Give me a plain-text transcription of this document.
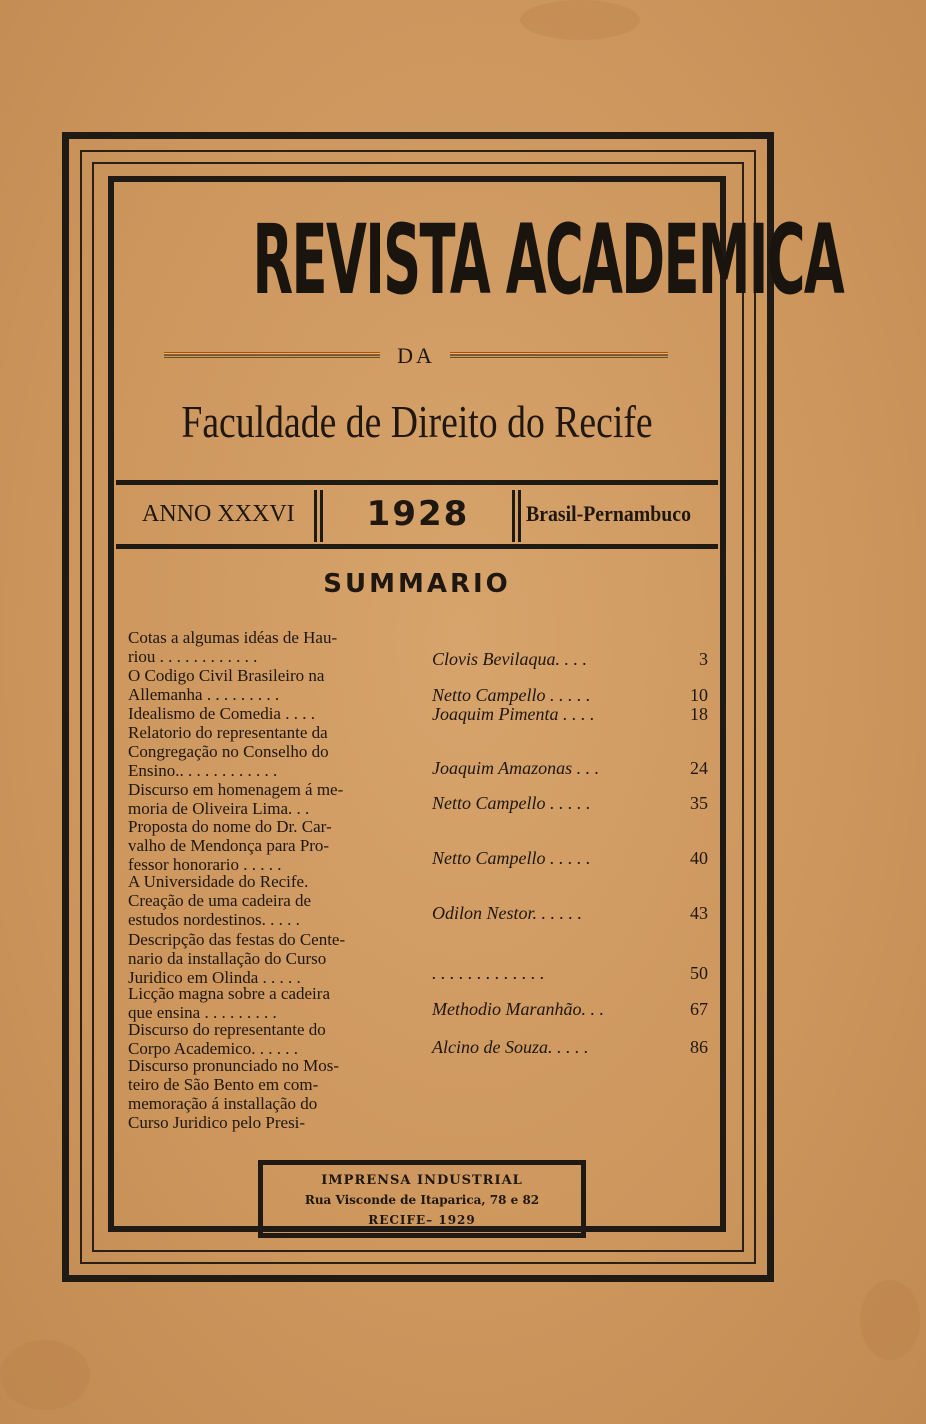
REVISTA ACADEMICA
DA
Faculdade de Direito do Recife
ANNO XXXVI	1928	Brasil-Pernambuco
SUMMARIO
Cotas a algumas idéas de Hau-
riou . . . . . . . . . . . .	Clovis Bevilaqua. . . .	3
O Codigo Civil Brasileiro na
Allemanha . . . . . . . . .	Netto Campello . . . . .	10
Idealismo de Comedia . . . .	Joaquim Pimenta . . . .	18
Relatorio do representante da
Congregação no Conselho do
Ensino.. . . . . . . . . . . .	Joaquim Amazonas . . .	24
Discurso em homenagem á me-
moria de Oliveira Lima. . .	Netto Campello . . . . .	35
Proposta do nome do Dr. Car-
valho de Mendonça para Pro-
fessor honorario . . . . .	Netto Campello . . . . .	40
A Universidade do Recife.
Creação de uma cadeira de
estudos nordestinos. . . . .	Odilon Nestor. . . . . .	43
Descripção das festas do Cente-
nario da installação do Curso
Juridico em Olinda . . . . .	. . . . . . . . . . . . .	50
Licção magna sobre a cadeira
que ensina . . . . . . . . .	Methodio Maranhão. . .	67
Discurso do representante do
Corpo Academico. . . . . .	Alcino de Souza. . . . .	86
Discurso pronunciado no Mos-
teiro de São Bento em com-
memoração á installação do
Curso Juridico pelo Presi-
IMPRENSA INDUSTRIAL
Rua Visconde de Itaparica, 78 e 82
RECIFE– 1929
